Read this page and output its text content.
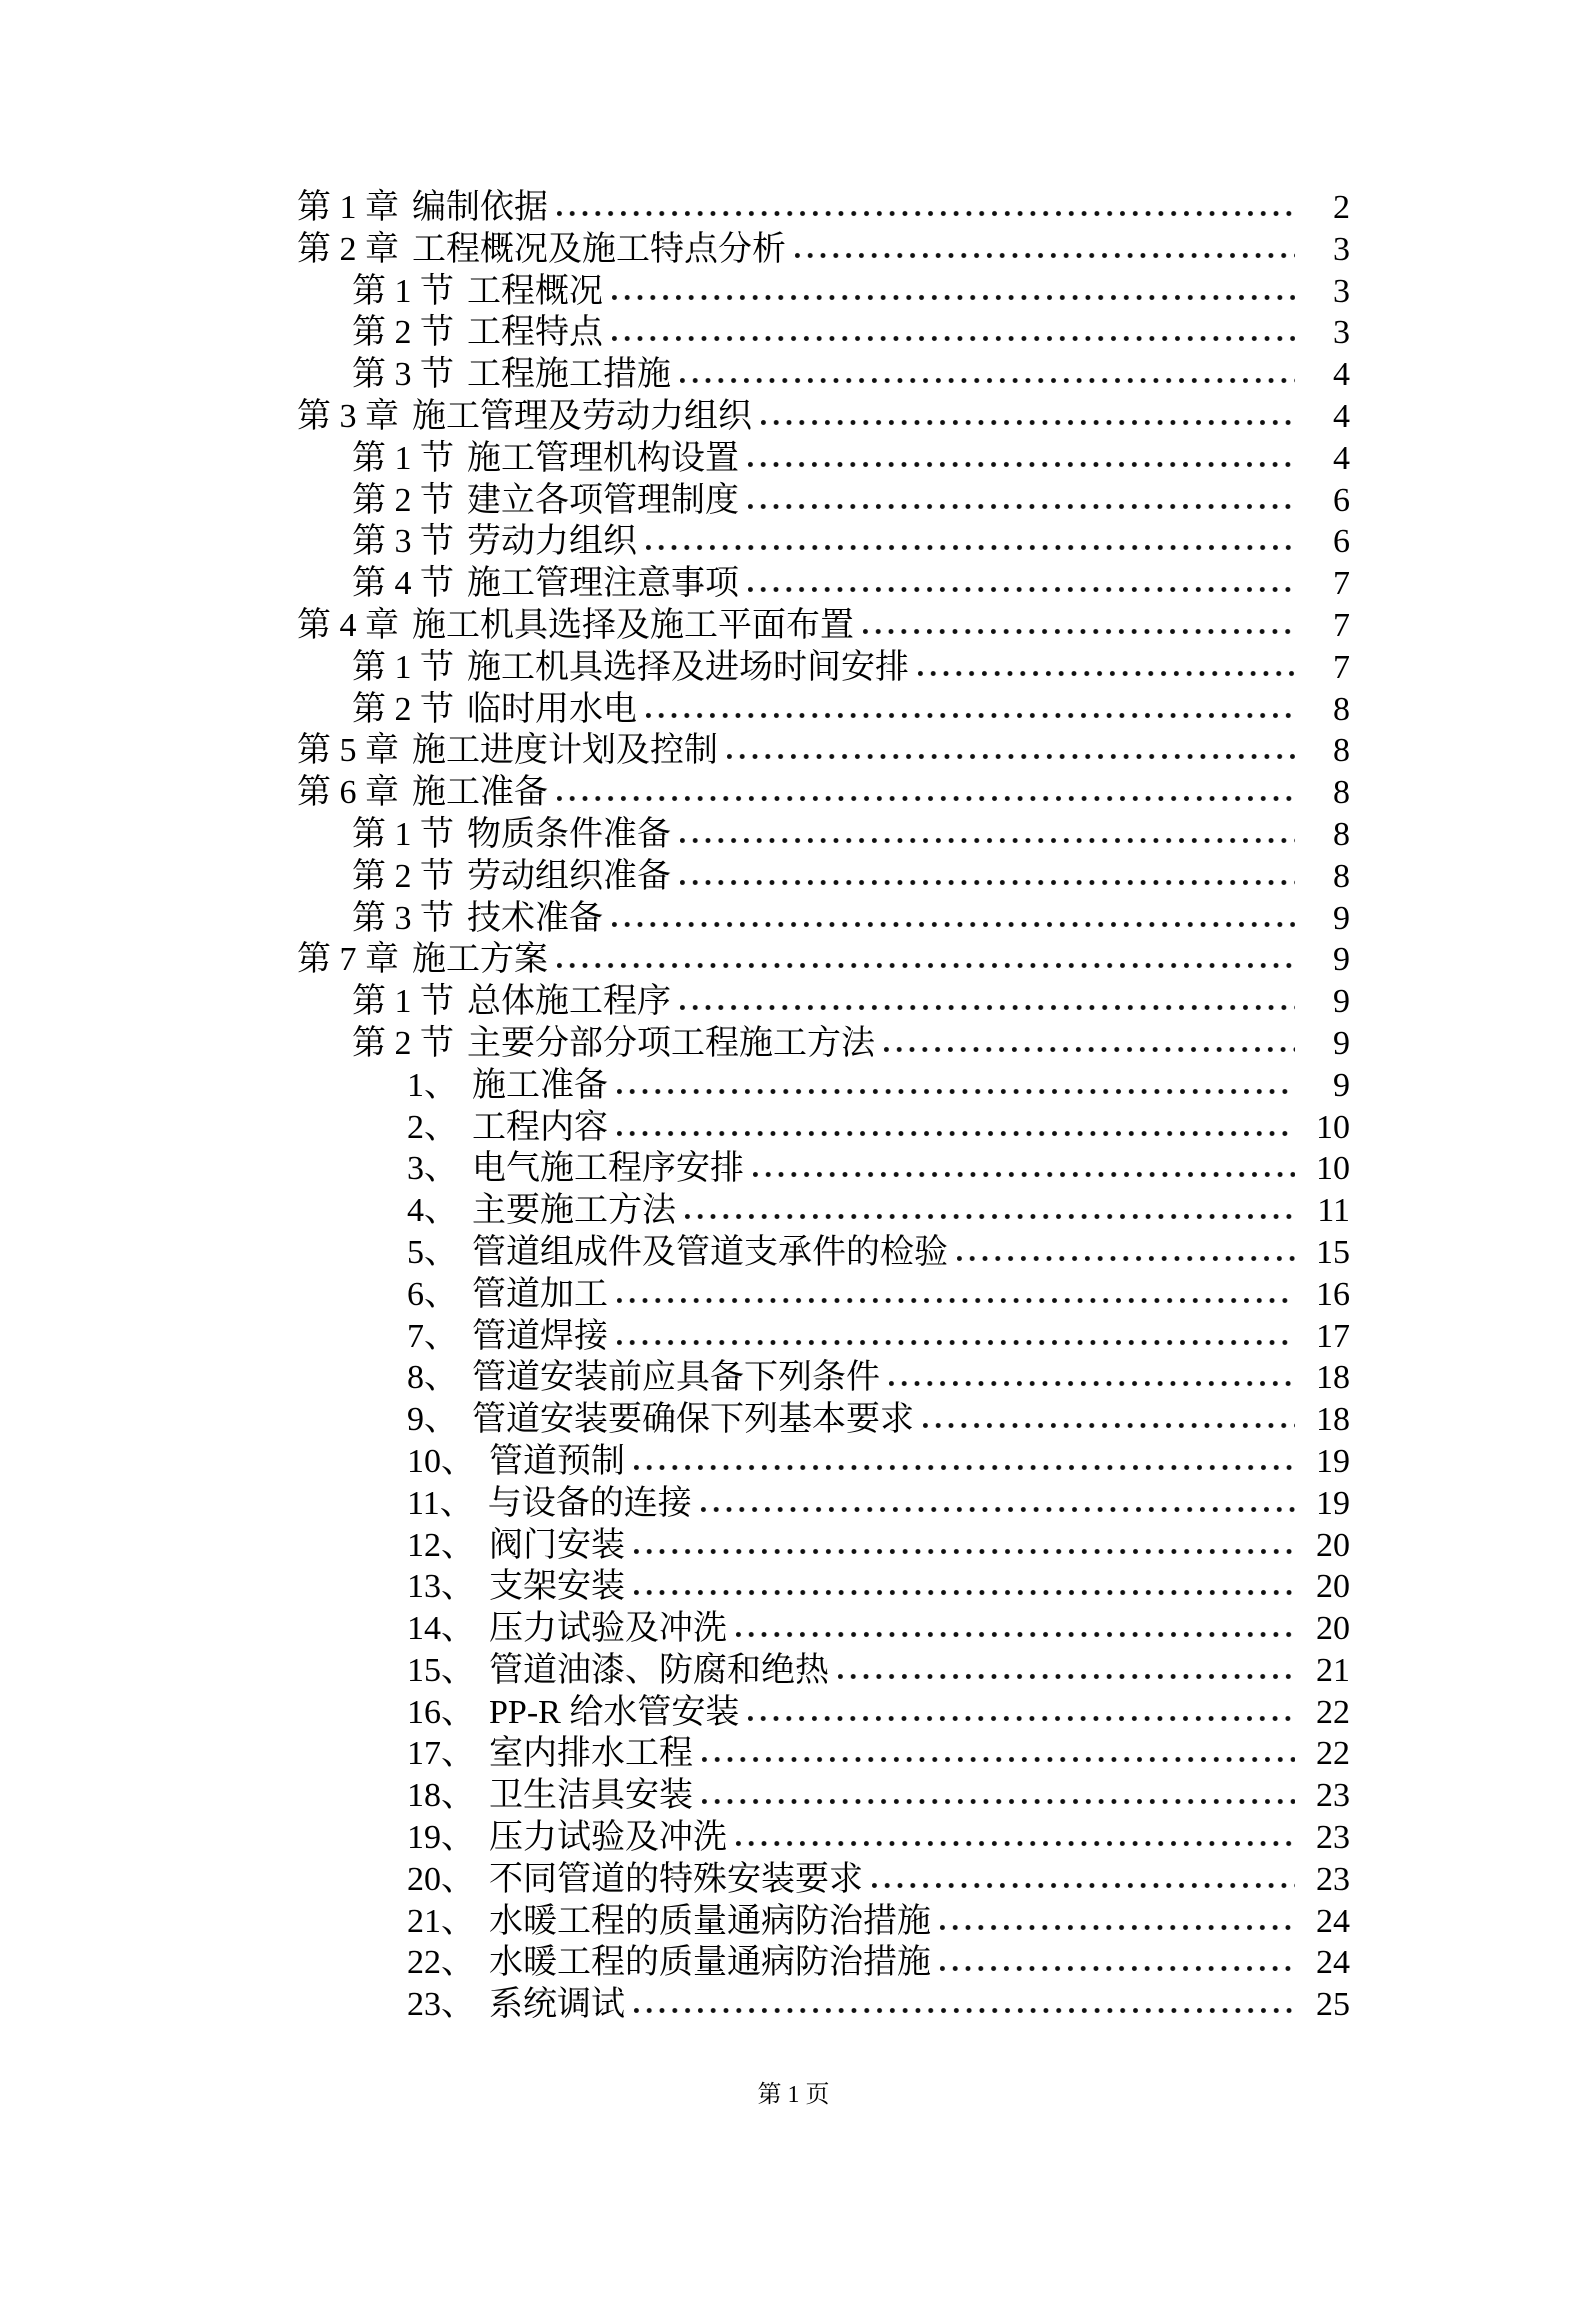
第 1 章 编制依据	2
第 2 章 工程概况及施工特点分析	3
第 1 节 工程概况	3
第 2 节 工程特点	3
第 3 节 工程施工措施	4
第 3 章 施工管理及劳动力组织	4
第 1 节 施工管理机构设置	4
第 2 节 建立各项管理制度	6
第 3 节 劳动力组织	6
第 4 节 施工管理注意事项	7
第 4 章 施工机具选择及施工平面布置	7
第 1 节 施工机具选择及进场时间安排	7
第 2 节 临时用水电	8
第 5 章 施工进度计划及控制	8
第 6 章 施工准备	8
第 1 节 物质条件准备	8
第 2 节 劳动组织准备	8
第 3 节 技术准备	9
第 7 章 施工方案	9
第 1 节 总体施工程序	9
第 2 节 主要分部分项工程施工方法	9
1、 施工准备	9
2、 工程内容	10
3、 电气施工程序安排	10
4、 主要施工方法	11
5、 管道组成件及管道支承件的检验	15
6、 管道加工	16
7、 管道焊接	17
8、 管道安装前应具备下列条件	18
9、 管道安装要确保下列基本要求	18
10、 管道预制	19
11、 与设备的连接	19
12、 阀门安装	20
13、 支架安装	20
14、 压力试验及冲洗	20
15、 管道油漆、防腐和绝热	21
16、 PP-R 给水管安装	22
17、 室内排水工程	22
18、 卫生洁具安装	23
19、 压力试验及冲洗	23
20、 不同管道的特殊安装要求	23
21、 水暖工程的质量通病防治措施	24
22、 水暖工程的质量通病防治措施	24
23、 系统调试	25
第 1 页
